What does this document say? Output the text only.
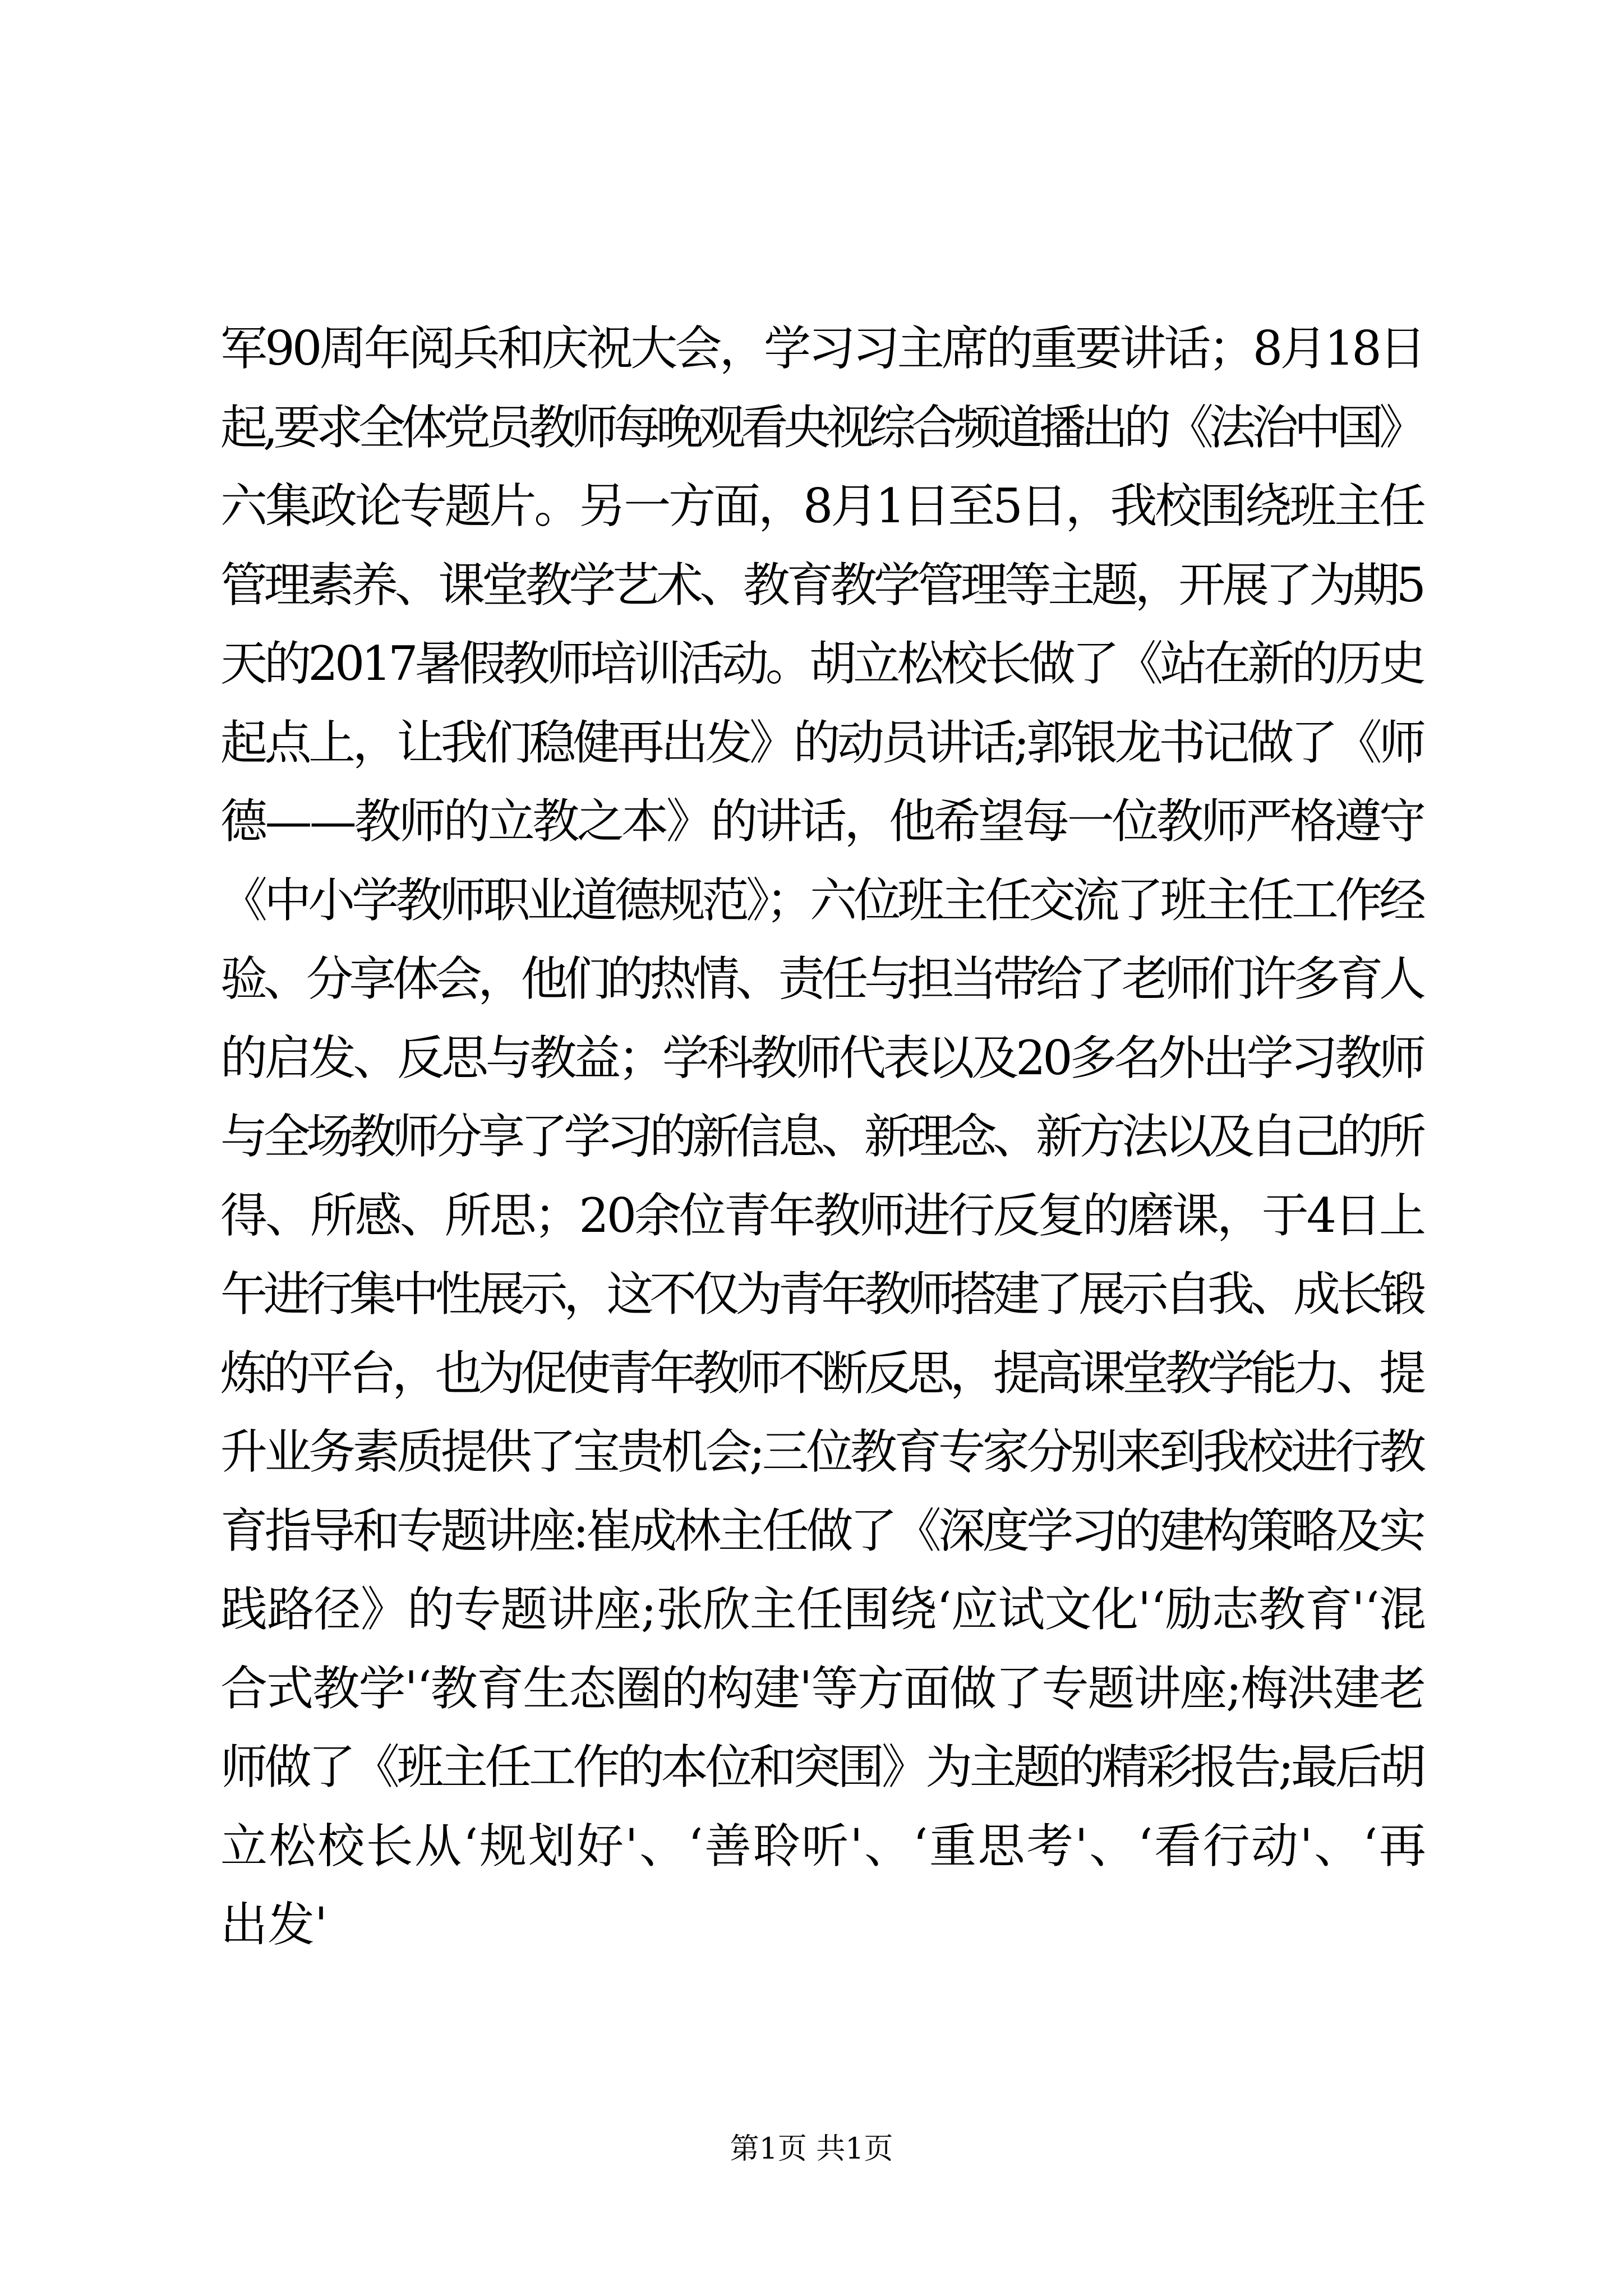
军90周年阅兵和庆祝大会，学习习主席的重要讲话；8月18日
起,要求全体党员教师每晚观看央视综合频道播出的《法治中国》
六集政论专题片。另一方面，8月1日至5日，我校围绕班主任
管理素养、课堂教学艺术、教育教学管理等主题，开展了为期5
天的2017暑假教师培训活动。胡立松校长做了《站在新的历史
起点上，让我们稳健再出发》的动员讲话;郭银龙书记做了《师
德——教师的立教之本》的讲话，他希望每一位教师严格遵守
《中小学教师职业道德规范》；六位班主任交流了班主任工作经
验、分享体会，他们的热情、责任与担当带给了老师们许多育人
的启发、反思与教益；学科教师代表以及20多名外出学习教师
与全场教师分享了学习的新信息、新理念、新方法以及自己的所
得、所感、所思；20余位青年教师进行反复的磨课，于4日上
午进行集中性展示，这不仅为青年教师搭建了展示自我、成长锻
炼的平台，也为促使青年教师不断反思，提高课堂教学能力、提
升业务素质提供了宝贵机会;三位教育专家分别来到我校进行教
育指导和专题讲座:崔成林主任做了《深度学习的建构策略及实
践路径》的专题讲座;张欣主任围绕‘应试文化'‘励志教育'‘混
合式教学'‘教育生态圈的构建'等方面做了专题讲座;梅洪建老
师做了《班主任工作的本位和突围》为主题的精彩报告;最后胡
立松校长从‘规划好'、‘善聆听'、‘重思考'、‘看行动'、‘再
出发'
第1页 共1页
